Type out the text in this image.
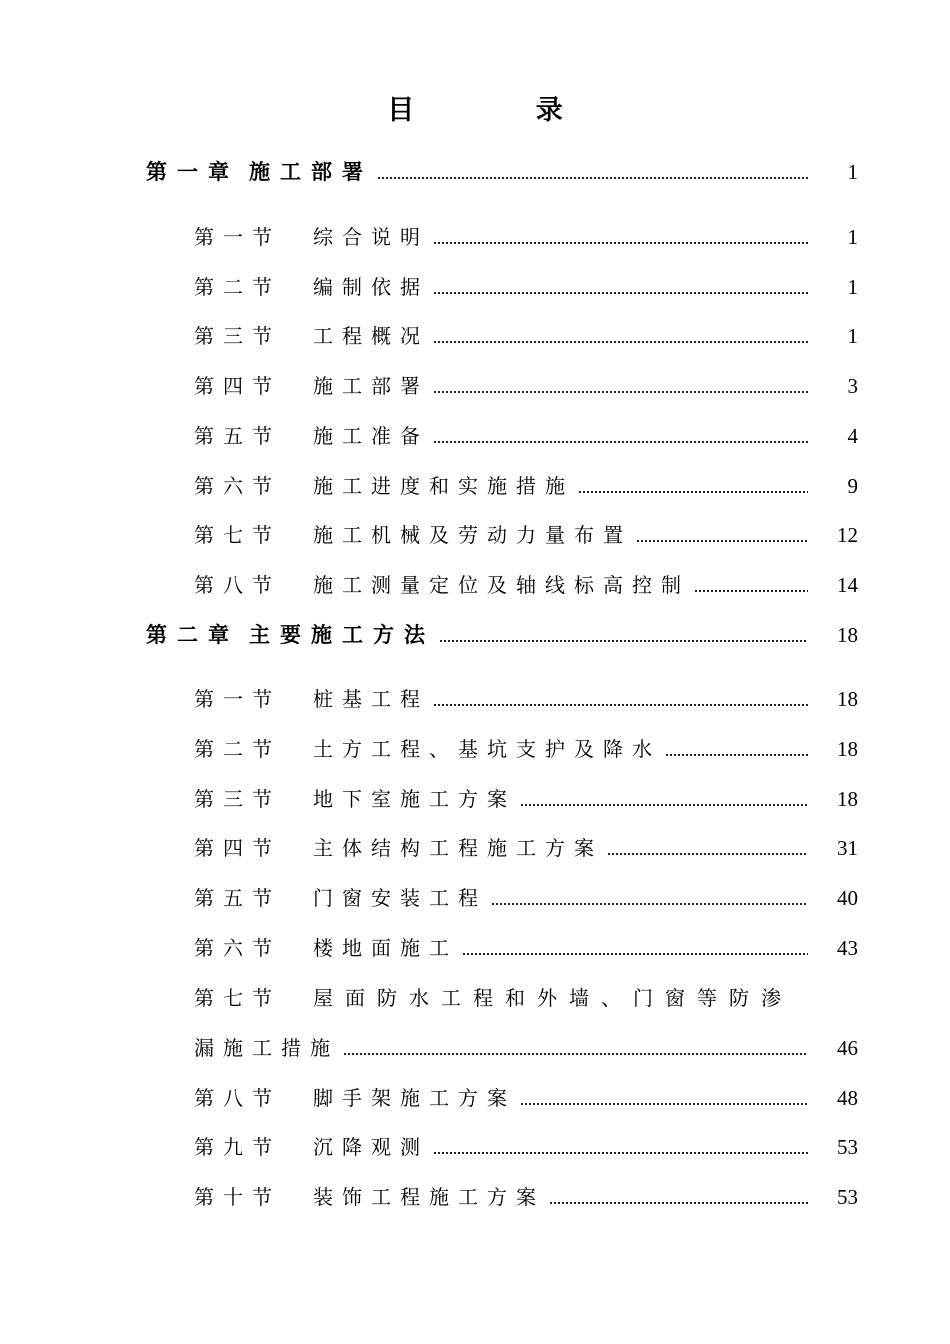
目 录
第一章 施工部署	1
第一节 综合说明	1
第二节 编制依据	1
第三节 工程概况	1
第四节 施工部署	3
第五节 施工准备	4
第六节 施工进度和实施措施	9
第七节 施工机械及劳动力量布置	12
第八节 施工测量定位及轴线标高控制	14
第二章 主要施工方法	18
第一节 桩基工程	18
第二节 土方工程、基坑支护及降水	18
第三节 地下室施工方案	18
第四节 主体结构工程施工方案	31
第五节 门窗安装工程	40
第六节 楼地面施工	43
第七节 屋面防水工程和外墙、门窗等防渗
漏施工措施	46
第八节 脚手架施工方案	48
第九节 沉降观测	53
第十节 装饰工程施工方案	53
